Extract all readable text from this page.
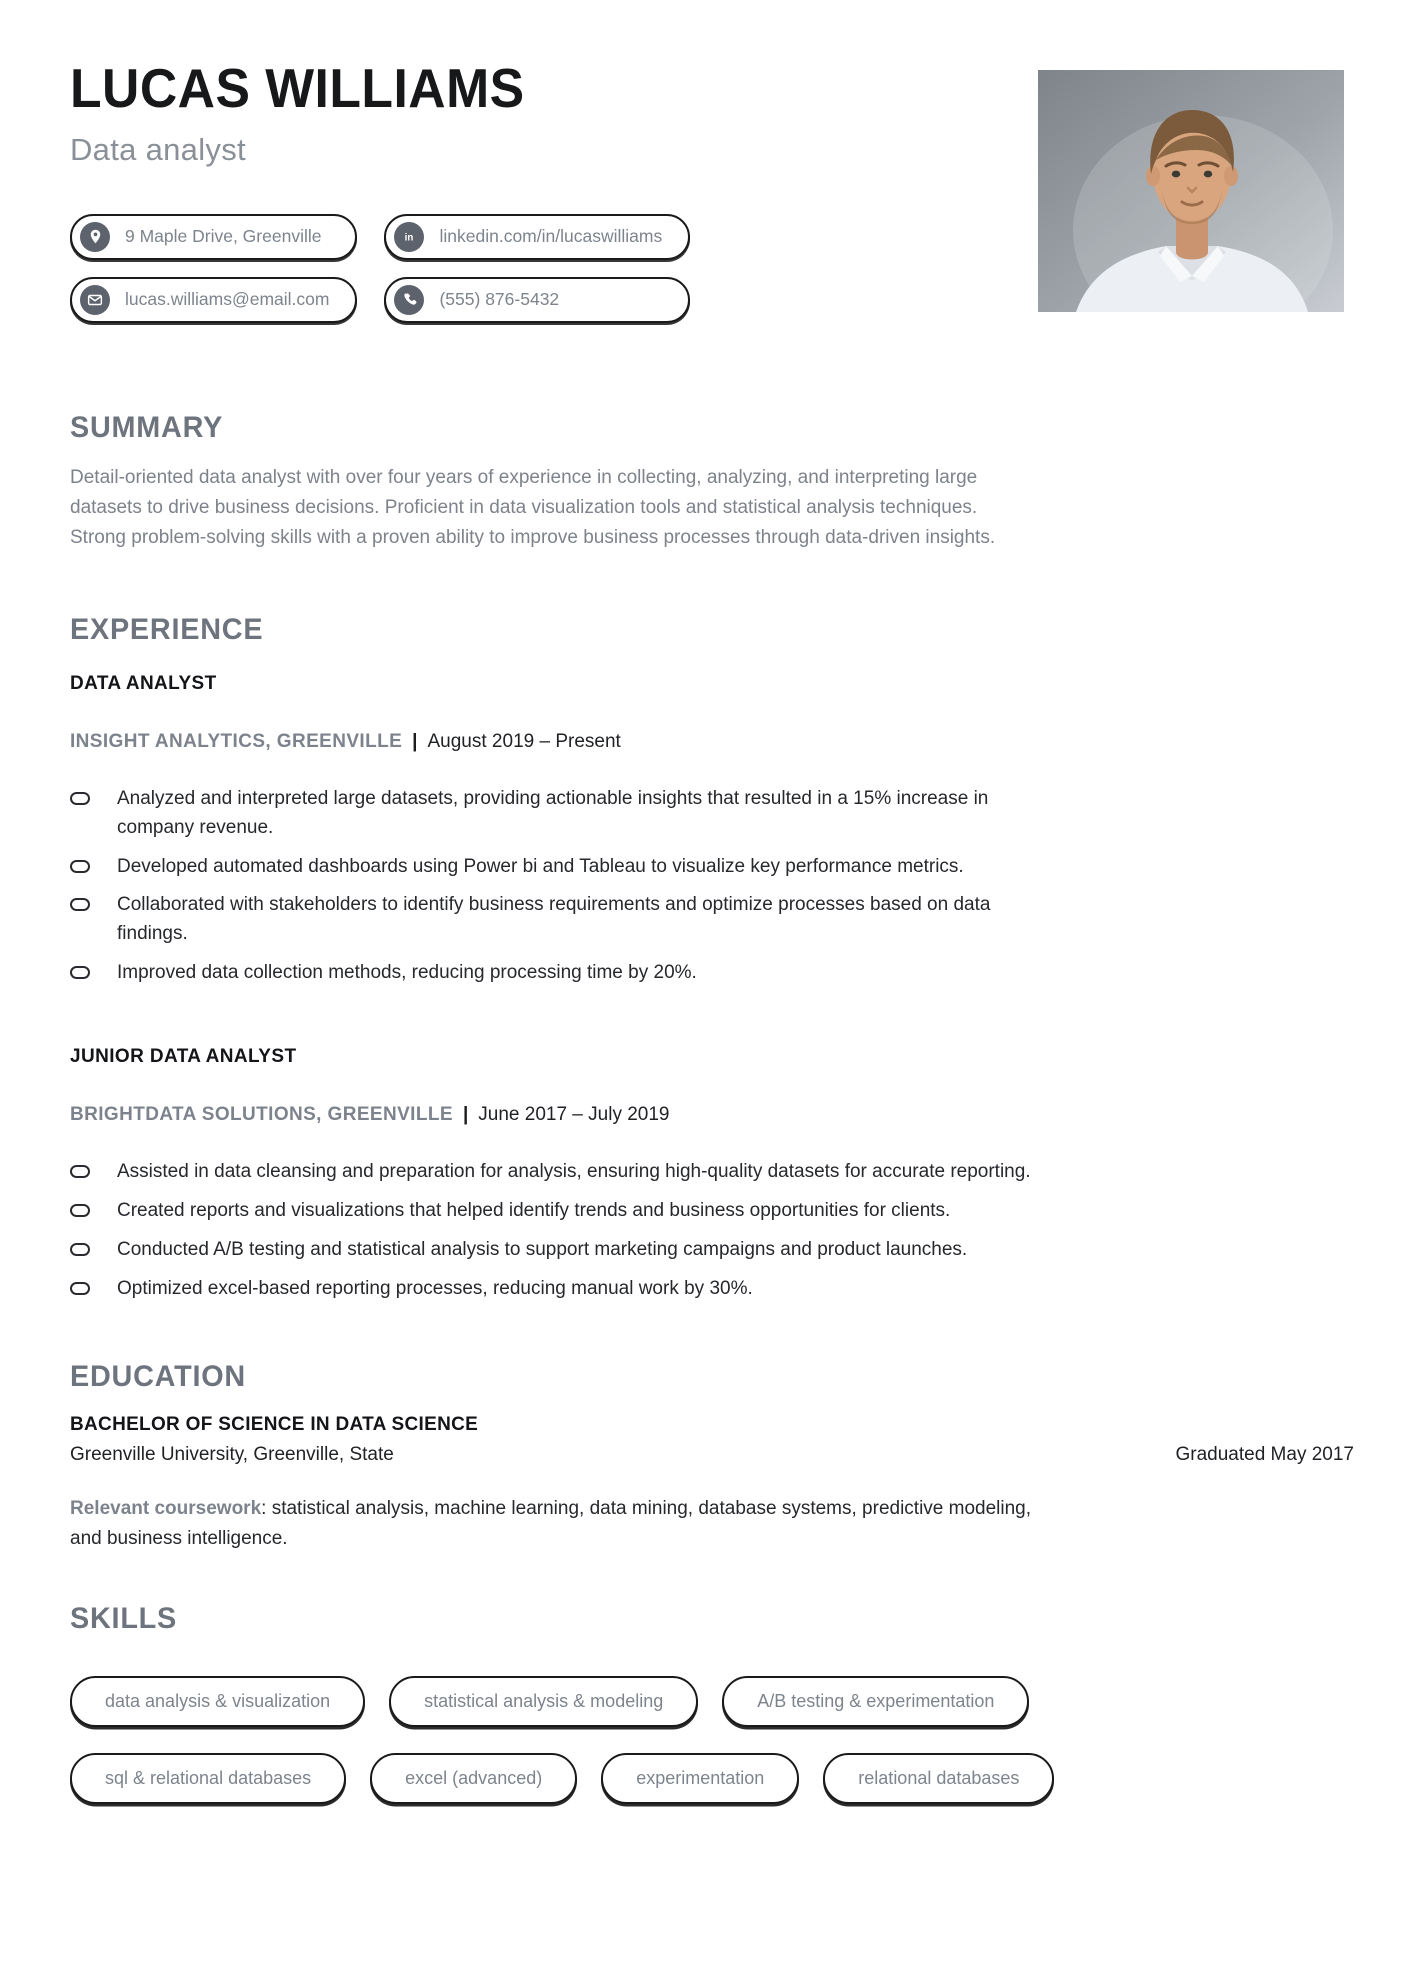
LUCAS WILLIAMS

Data analyst

9 Maple Drive, Greenville	in linkedin.com/in/lucaswilliams
lucas.williams@email.com	(555) 876-5432
SUMMARY

Detail-oriented data analyst with over four years of experience in collecting, analyzing, and interpreting large datasets to drive business decisions. Proficient in data visualization tools and statistical analysis techniques. Strong problem-solving skills with a proven ability to improve business processes through data-driven insights.

EXPERIENCE
DATA ANALYST

INSIGHT ANALYTICS, GREENVILLE | August 2019 – Present

Analyzed and interpreted large datasets, providing actionable insights that resulted in a 15% increase in company revenue.
Developed automated dashboards using Power bi and Tableau to visualize key performance metrics.
Collaborated with stakeholders to identify business requirements and optimize processes based on data findings.
Improved data collection methods, reducing processing time by 20%.
JUNIOR DATA ANALYST

BRIGHTDATA SOLUTIONS, GREENVILLE | June 2017 – July 2019

Assisted in data cleansing and preparation for analysis, ensuring high-quality datasets for accurate reporting.
Created reports and visualizations that helped identify trends and business opportunities for clients.
Conducted A/B testing and statistical analysis to support marketing campaigns and product launches.
Optimized excel-based reporting processes, reducing manual work by 30%.
EDUCATION

BACHELOR OF SCIENCE IN DATA SCIENCE

Greenville University, Greenville, State	Graduated May 2017

Relevant coursework: statistical analysis, machine learning, data mining, database systems, predictive modeling, and business intelligence.

SKILLS
data analysis & visualization	statistical analysis & modeling	A/B testing & experimentation
sql & relational databases	excel (advanced)	experimentation	relational databases
